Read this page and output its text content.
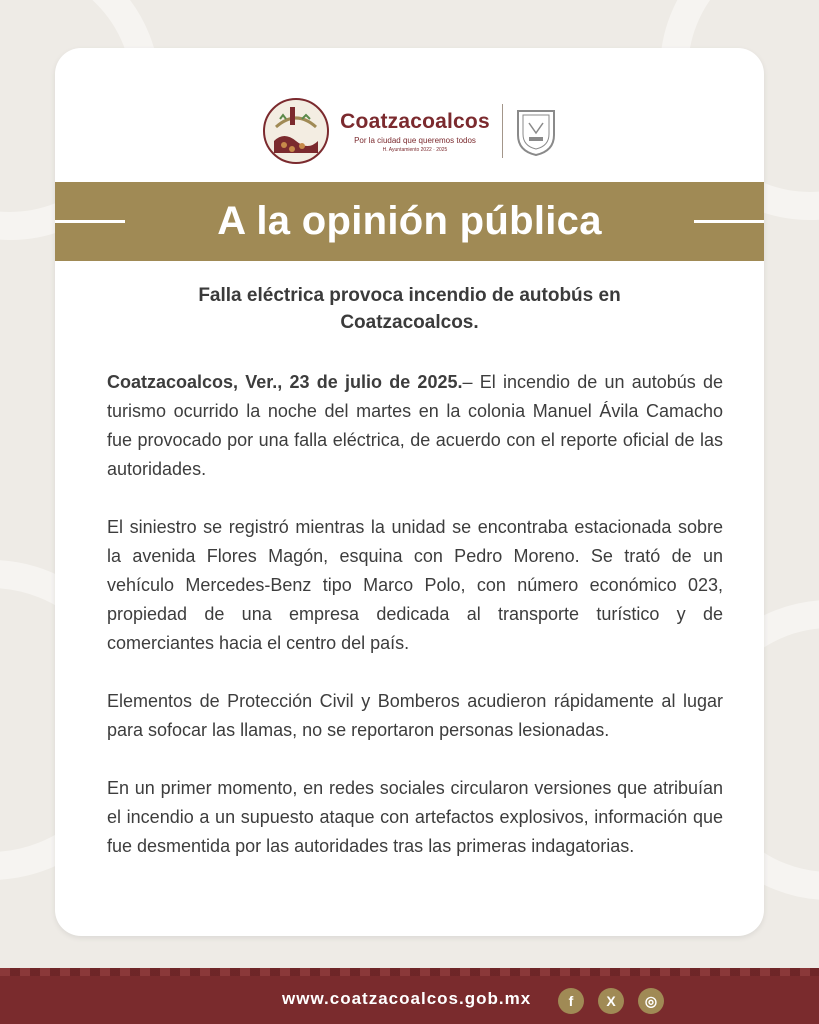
Coatzacoalcos
Por la ciudad que queremos todos
H. Ayuntamiento 2022 · 2025
A la opinión pública
Falla eléctrica provoca incendio de autobús en Coatzacoalcos.

Coatzacoalcos, Ver., 23 de julio de 2025.– El incendio de un autobús de turismo ocurrido la noche del martes en la colonia Manuel Ávila Camacho fue provocado por una falla eléctrica, de acuerdo con el reporte oficial de las autoridades.

El siniestro se registró mientras la unidad se encontraba estacionada sobre la avenida Flores Magón, esquina con Pedro Moreno. Se trató de un vehículo Mercedes-Benz tipo Marco Polo, con número económico 023, propiedad de una empresa dedicada al transporte turístico y de comerciantes hacia el centro del país.

Elementos de Protección Civil y Bomberos acudieron rápidamente al lugar para sofocar las llamas, no se reportaron personas lesionadas.

En un primer momento, en redes sociales circularon versiones que atribuían el incendio a un supuesto ataque con artefactos explosivos, información que fue desmentida por las autoridades tras las primeras indagatorias.

www.coatzacoalcos.gob.mx	f	X	◎
